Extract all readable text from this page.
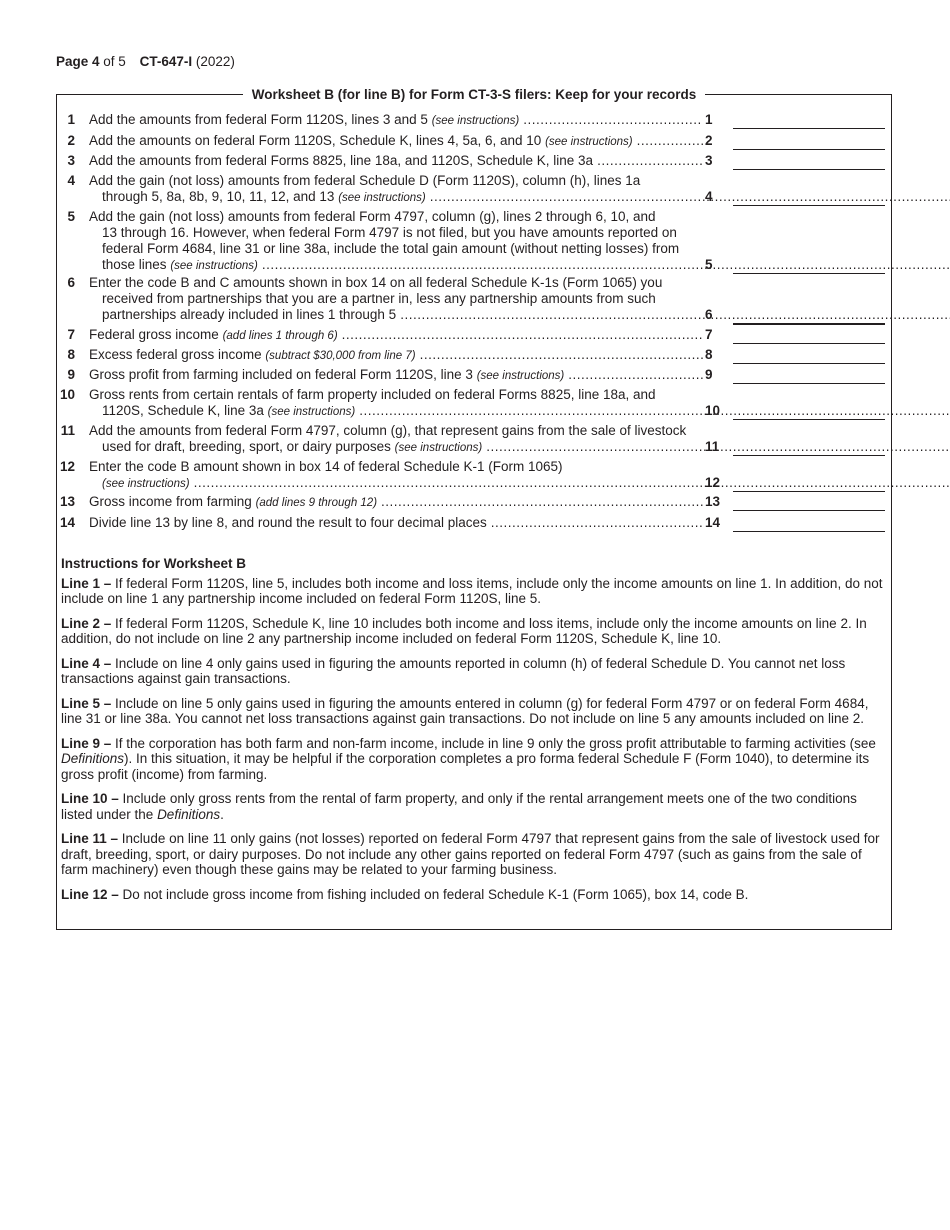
Page 4 of 5 CT-647-I (2022)
Worksheet B (for line B) for Form CT-3-S filers: Keep for your records
1 Add the amounts from federal Form 1120S, lines 3 and 5 (see instructions) .....	1
2 Add the amounts on federal Form 1120S, Schedule K, lines 4, 5a, 6, and 10 (see instructions) .....	2
3 Add the amounts from federal Forms 8825, line 18a, and 1120S, Schedule K, line 3a .....	3
4 Add the gain (not loss) amounts from federal Schedule D (Form 1120S), column (h), lines 1a
through 5, 8a, 8b, 9, 10, 11, 12, and 13 (see instructions) .....	4
5 Add the gain (not loss) amounts from federal Form 4797, column (g), lines 2 through 6, 10, and
13 through 16. However, when federal Form 4797 is not filed, but you have amounts reported on
federal Form 4684, line 31 or line 38a, include the total gain amount (without netting losses) from
those lines (see instructions) .....	5
6 Enter the code B and C amounts shown in box 14 on all federal Schedule K-1s (Form 1065) you
received from partnerships that you are a partner in, less any partnership amounts from such
partnerships already included in lines 1 through 5 .....	6
7 Federal gross income (add lines 1 through 6) .....	7
8 Excess federal gross income (subtract $30,000 from line 7) .....	8
9 Gross profit from farming included on federal Form 1120S, line 3 (see instructions) .....	9
10 Gross rents from certain rentals of farm property included on federal Forms 8825, line 18a, and
1120S, Schedule K, line 3a (see instructions) .....	10
11 Add the amounts from federal Form 4797, column (g), that represent gains from the sale of livestock
used for draft, breeding, sport, or dairy purposes (see instructions) .....	11
12 Enter the code B amount shown in box 14 of federal Schedule K-1 (Form 1065)
(see instructions) .....	12
13 Gross income from farming (add lines 9 through 12) .....	13
14 Divide line 13 by line 8, and round the result to four decimal places .....	14
Instructions for Worksheet B

Line 1 – If federal Form 1120S, line 5, includes both income and loss items, include only the income amounts on line 1. In addition, do not include on line 1 any partnership income included on federal Form 1120S, line 5.

Line 2 – If federal Form 1120S, Schedule K, line 10 includes both income and loss items, include only the income amounts on line 2. In addition, do not include on line 2 any partnership income included on federal Form 1120S, Schedule K, line 10.

Line 4 – Include on line 4 only gains used in figuring the amounts reported in column (h) of federal Schedule D. You cannot net loss transactions against gain transactions.

Line 5 – Include on line 5 only gains used in figuring the amounts entered in column (g) for federal Form 4797 or on federal Form 4684, line 31 or line 38a. You cannot net loss transactions against gain transactions. Do not include on line 5 any amounts included on line 2.

Line 9 – If the corporation has both farm and non-farm income, include in line 9 only the gross profit attributable to farming activities (see Definitions). In this situation, it may be helpful if the corporation completes a pro forma federal Schedule F (Form 1040), to determine its gross profit (income) from farming.

Line 10 – Include only gross rents from the rental of farm property, and only if the rental arrangement meets one of the two conditions listed under the Definitions.

Line 11 – Include on line 11 only gains (not losses) reported on federal Form 4797 that represent gains from the sale of livestock used for draft, breeding, sport, or dairy purposes. Do not include any other gains reported on federal Form 4797 (such as gains from the sale of farm machinery) even though these gains may be related to your farming business.

Line 12 – Do not include gross income from fishing included on federal Schedule K-1 (Form 1065), box 14, code B.
